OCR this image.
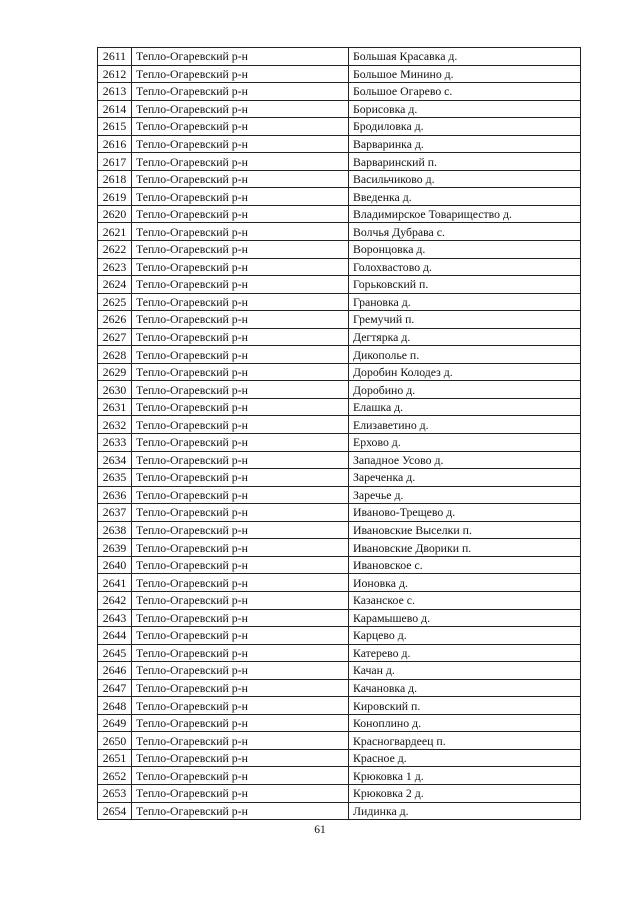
2611	Тепло-Огаревский р-н	Большая Красавка д.
2612	Тепло-Огаревский р-н	Большое Минино д.
2613	Тепло-Огаревский р-н	Большое Огарево с.
2614	Тепло-Огаревский р-н	Борисовка д.
2615	Тепло-Огаревский р-н	Бродиловка д.
2616	Тепло-Огаревский р-н	Варваринка д.
2617	Тепло-Огаревский р-н	Варваринский п.
2618	Тепло-Огаревский р-н	Васильчиково д.
2619	Тепло-Огаревский р-н	Введенка д.
2620	Тепло-Огаревский р-н	Владимирское Товарищество д.
2621	Тепло-Огаревский р-н	Волчья Дубрава с.
2622	Тепло-Огаревский р-н	Воронцовка д.
2623	Тепло-Огаревский р-н	Голохвастово д.
2624	Тепло-Огаревский р-н	Горьковский п.
2625	Тепло-Огаревский р-н	Грановка д.
2626	Тепло-Огаревский р-н	Гремучий п.
2627	Тепло-Огаревский р-н	Дегтярка д.
2628	Тепло-Огаревский р-н	Дикополье п.
2629	Тепло-Огаревский р-н	Доробин Колодез д.
2630	Тепло-Огаревский р-н	Доробино д.
2631	Тепло-Огаревский р-н	Елашка д.
2632	Тепло-Огаревский р-н	Елизаветино д.
2633	Тепло-Огаревский р-н	Ерхово д.
2634	Тепло-Огаревский р-н	Западное Усово д.
2635	Тепло-Огаревский р-н	Зареченка д.
2636	Тепло-Огаревский р-н	Заречье д.
2637	Тепло-Огаревский р-н	Иваново-Трещево д.
2638	Тепло-Огаревский р-н	Ивановские Выселки п.
2639	Тепло-Огаревский р-н	Ивановские Дворики п.
2640	Тепло-Огаревский р-н	Ивановское с.
2641	Тепло-Огаревский р-н	Ионовка д.
2642	Тепло-Огаревский р-н	Казанское с.
2643	Тепло-Огаревский р-н	Карамышево д.
2644	Тепло-Огаревский р-н	Карцево д.
2645	Тепло-Огаревский р-н	Катерево д.
2646	Тепло-Огаревский р-н	Качан д.
2647	Тепло-Огаревский р-н	Качановка д.
2648	Тепло-Огаревский р-н	Кировский п.
2649	Тепло-Огаревский р-н	Коноплино д.
2650	Тепло-Огаревский р-н	Красногвардеец п.
2651	Тепло-Огаревский р-н	Красное д.
2652	Тепло-Огаревский р-н	Крюковка 1 д.
2653	Тепло-Огаревский р-н	Крюковка 2 д.
2654	Тепло-Огаревский р-н	Лидинка д.
61
